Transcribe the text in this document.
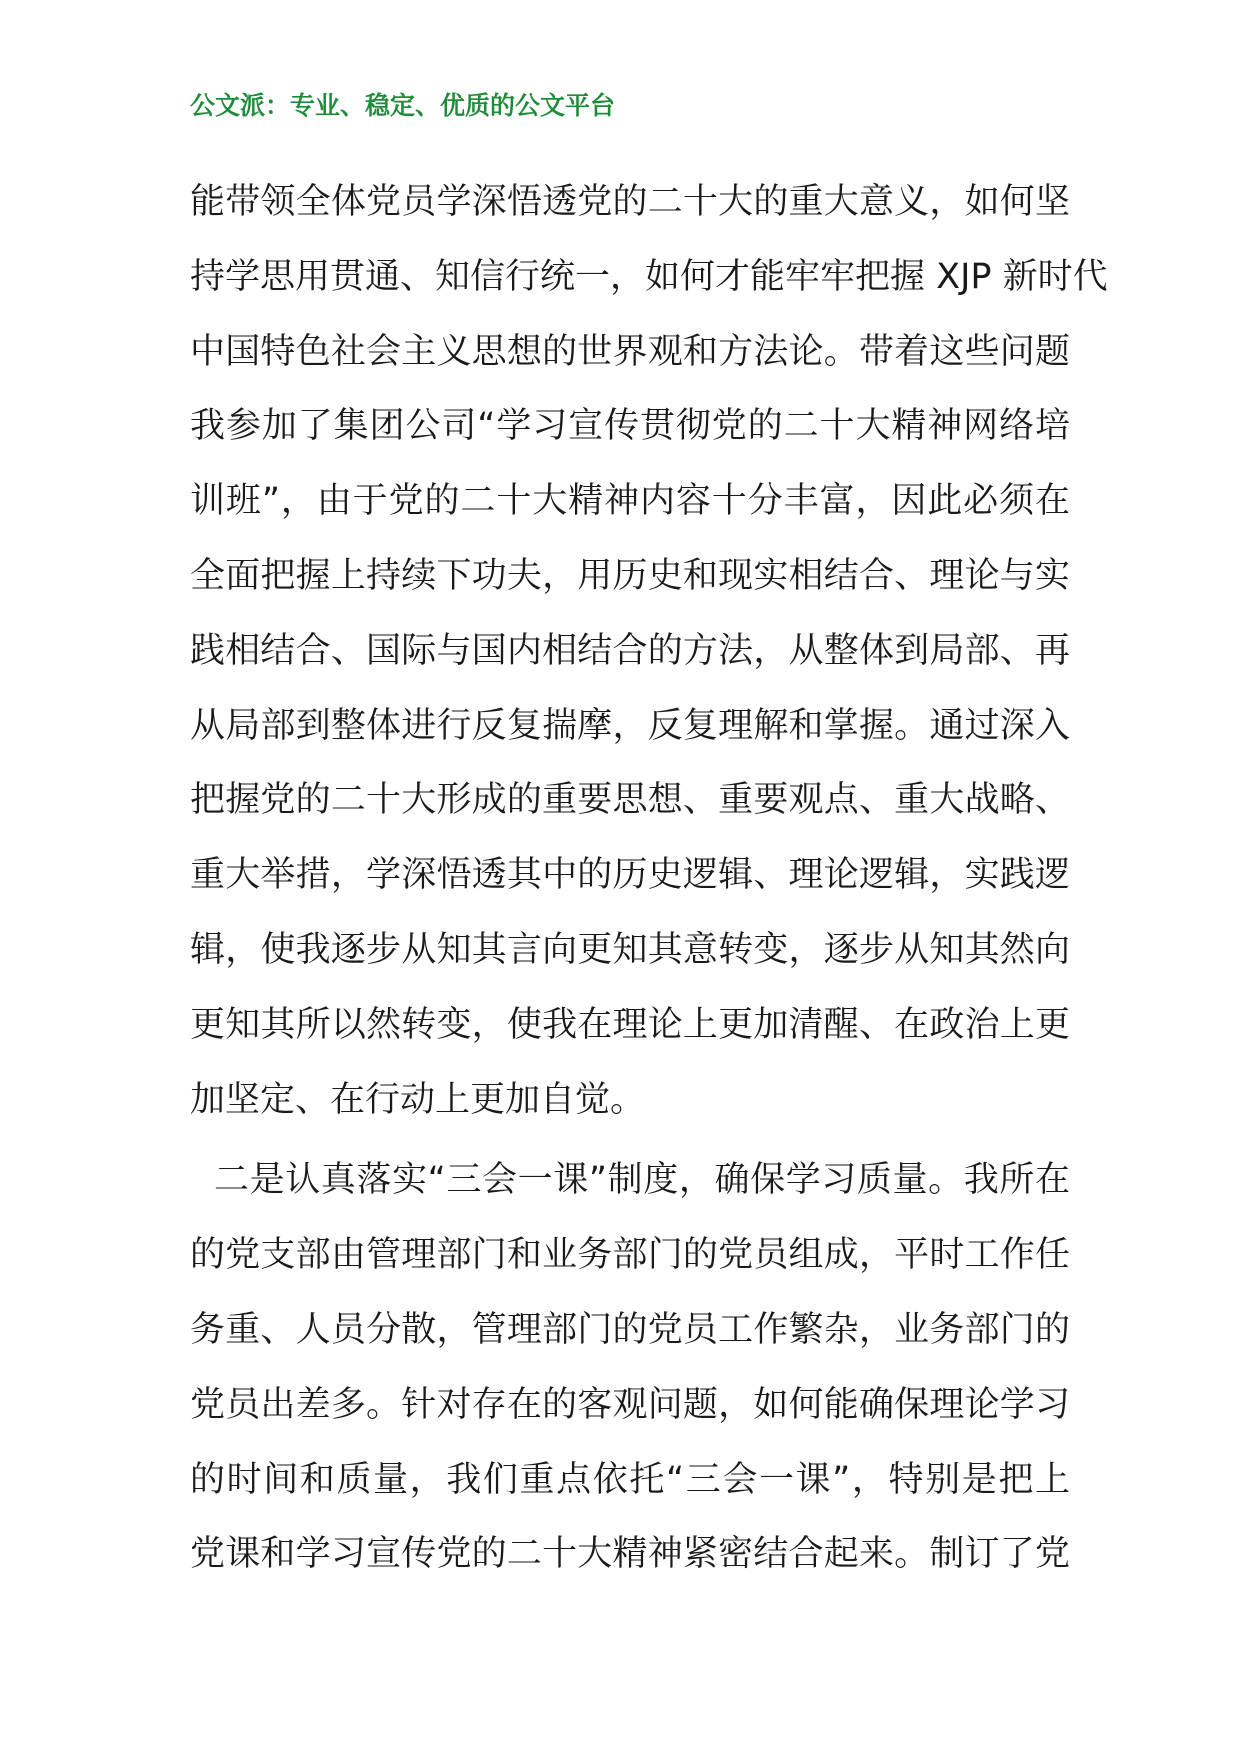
公文派：专业、稳定、优质的公文平台
能带领全体党员学深悟透党的二十大的重大意义，如何坚
持学思用贯通、知信行统一，如何才能牢牢把握 XJP 新时代
中国特色社会主义思想的世界观和方法论。带着这些问题
我参加了集团公司“学习宣传贯彻党的二十大精神网络培
训班”，由于党的二十大精神内容十分丰富，因此必须在
全面把握上持续下功夫，用历史和现实相结合、理论与实
践相结合、国际与国内相结合的方法，从整体到局部、再
从局部到整体进行反复揣摩，反复理解和掌握。通过深入
把握党的二十大形成的重要思想、重要观点、重大战略、
重大举措，学深悟透其中的历史逻辑、理论逻辑，实践逻
辑，使我逐步从知其言向更知其意转变，逐步从知其然向
更知其所以然转变，使我在理论上更加清醒、在政治上更
加坚定、在行动上更加自觉。
二是认真落实“三会一课”制度，确保学习质量。我所在
的党支部由管理部门和业务部门的党员组成，平时工作任
务重、人员分散，管理部门的党员工作繁杂，业务部门的
党员出差多。针对存在的客观问题，如何能确保理论学习
的时间和质量，我们重点依托“三会一课”，特别是把上
党课和学习宣传党的二十大精神紧密结合起来。制订了党
